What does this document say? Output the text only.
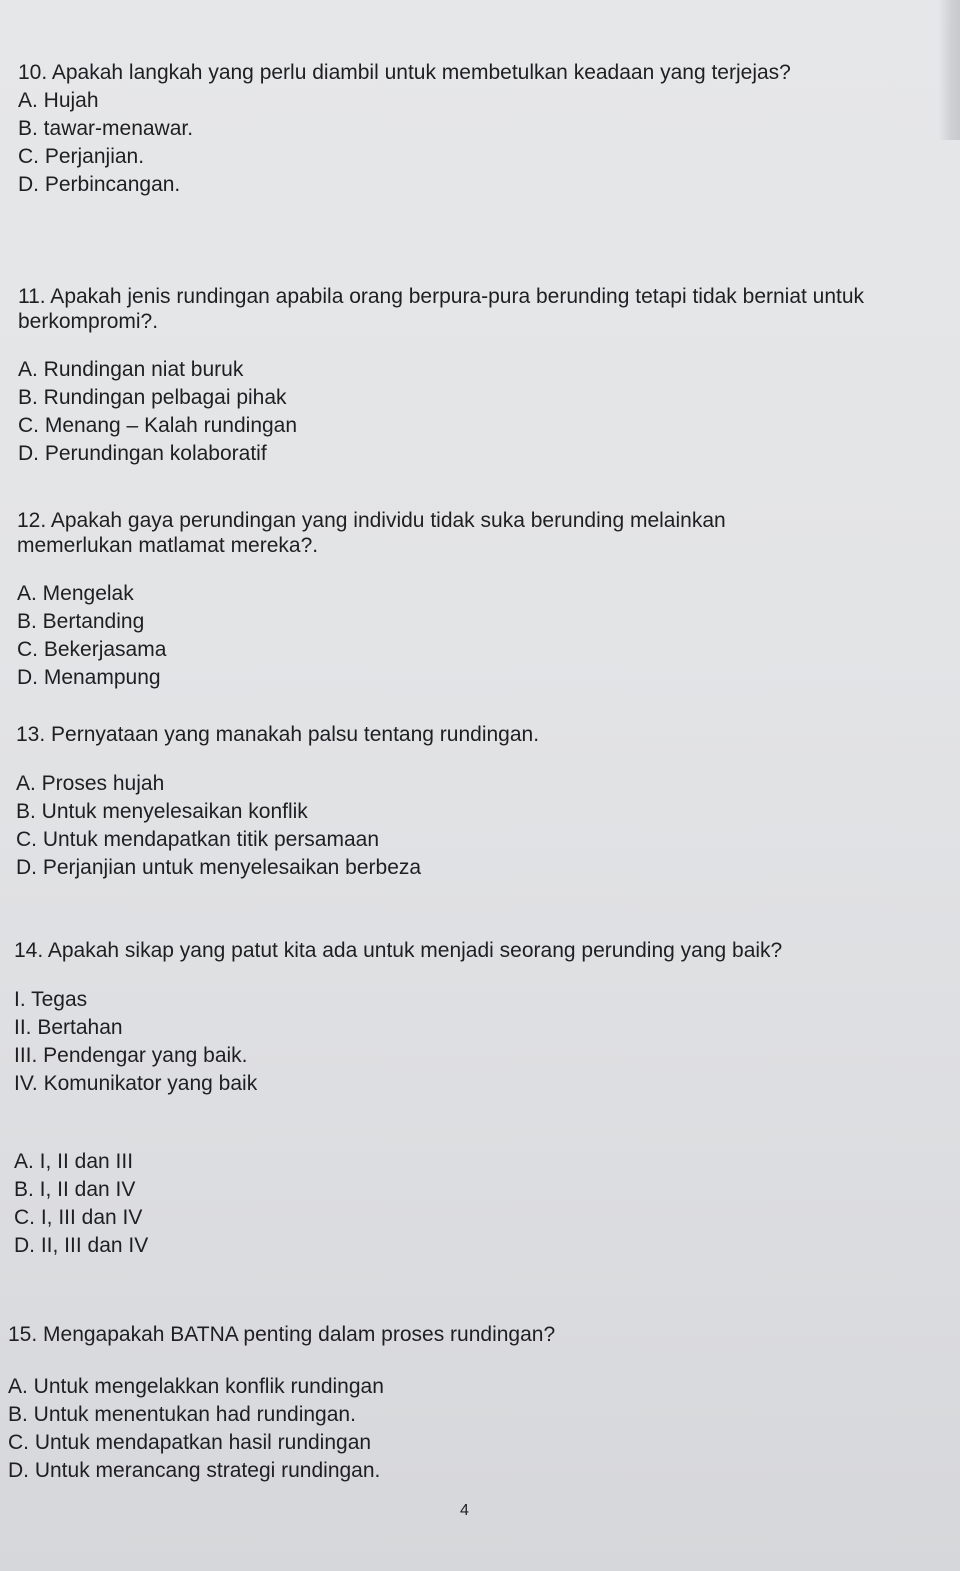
10. Apakah langkah yang perlu diambil untuk membetulkan keadaan yang terjejas?

A. Hujah

B. tawar-menawar.

C. Perjanjian.

D. Perbincangan.

11. Apakah jenis rundingan apabila orang berpura-pura berunding tetapi tidak berniat untuk berkompromi?.

A. Rundingan niat buruk

B. Rundingan pelbagai pihak

C. Menang – Kalah rundingan

D. Perundingan kolaboratif

12. Apakah gaya perundingan yang individu tidak suka berunding melainkan memerlukan matlamat mereka?.

A. Mengelak

B. Bertanding

C. Bekerjasama

D. Menampung

13. Pernyataan yang manakah palsu tentang rundingan.

A. Proses hujah

B. Untuk menyelesaikan konflik

C. Untuk mendapatkan titik persamaan

D. Perjanjian untuk menyelesaikan berbeza

14. Apakah sikap yang patut kita ada untuk menjadi seorang perunding yang baik?

I. Tegas

II. Bertahan

III. Pendengar yang baik.

IV. Komunikator yang baik

A. I, II dan III

B. I, II dan IV

C. I, III dan IV

D. II, III dan IV

15. Mengapakah BATNA penting dalam proses rundingan?

A. Untuk mengelakkan konflik rundingan

B. Untuk menentukan had rundingan.

C. Untuk mendapatkan hasil rundingan

D. Untuk merancang strategi rundingan.

4
